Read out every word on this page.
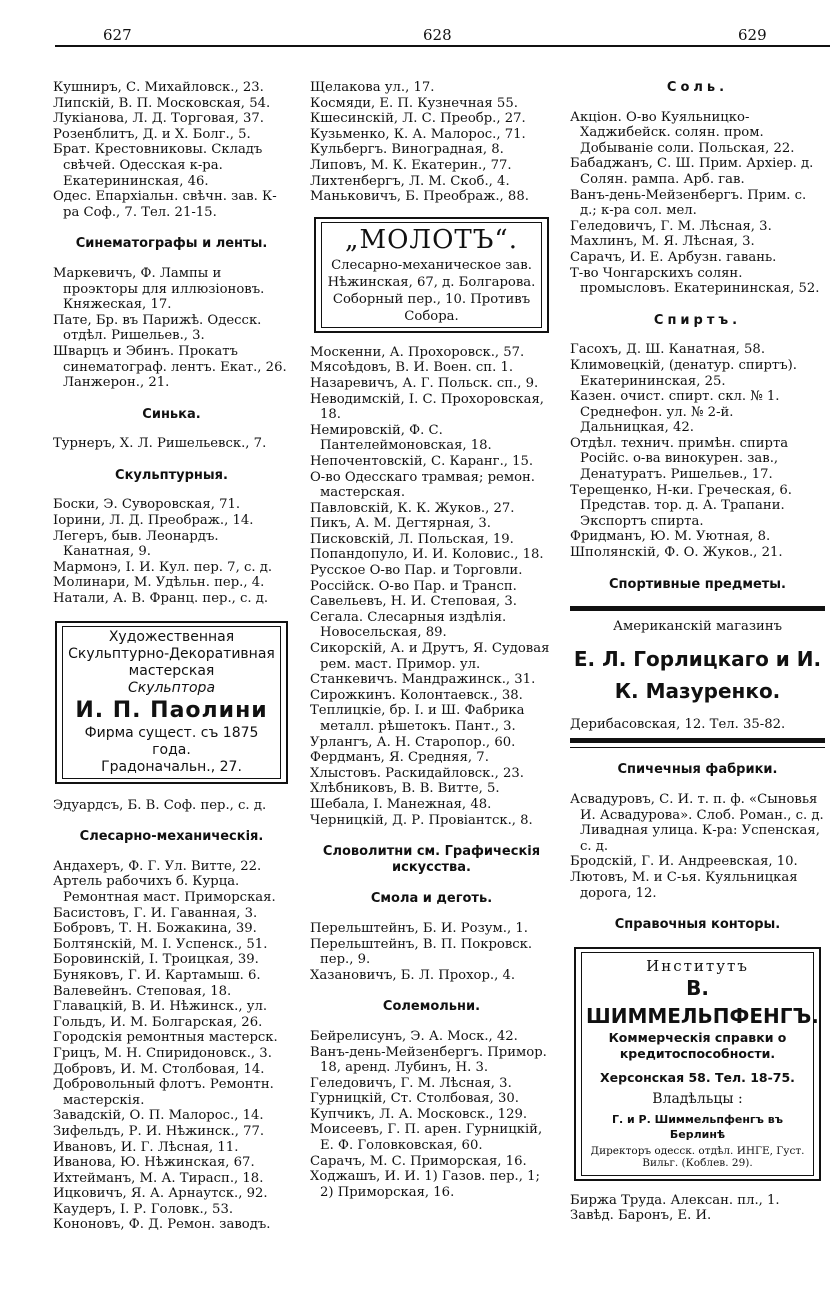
627	628	629
Кушниръ, С. Михайловск., 23.
Липскій, В. П. Московская, 54.
Лукіанова, Л. Д. Торговая, 37.
Розенблитъ, Д. и Х. Болг., 5.
Брат. Крестовниковы. Складъ свѣчей. Одесская к-ра. Екатерининская, 46.
Одес. Епархіальн. свѣчн. зав. К-ра Соф., 7. Тел. 21-15.
Синематографы и ленты.
Маркевичъ, Ф. Лампы и проэкторы для иллюзіоновъ. Княжеская, 17.
Пате, Бр. въ Парижѣ. Одесск. отдѣл. Ришельев., 3.
Шварцъ и Эбинъ. Прокатъ синематограф. лентъ. Екат., 26. Ланжерон., 21.
Синька.
Турнеръ, Х. Л. Ришельевск., 7.
Скульптурныя.
Боски, Э. Суворовская, 71.
Іорини, Л. Д. Преображ., 14.
Легеръ, быв. Леонардъ. Канатная, 9.
Мармонэ, І. И. Кул. пер. 7, с. д.
Молинари, М. Удѣльн. пер., 4.
Натали, А. В. Франц. пер., с. д.
Художественная Скульптурно-Декоративная мастерская
Скульптора
И. П. Паолини
Фирма сущест. съ 1875 года.
Градоначальн., 27.
Эдуардсъ, Б. В. Соф. пер., с. д.
Слесарно-механическія.
Андахеръ, Ф. Г. Ул. Витте, 22.
Артель рабочихъ б. Курца. Ремонтная маст. Приморская.
Басистовъ, Г. И. Гаванная, 3.
Бобровъ, Т. Н. Божакина, 39.
Болтянскій, М. І. Успенск., 51.
Боровинскій, І. Троицкая, 39.
Буняковъ, Г. И. Картамыш. 6.
Валевейнъ. Степовая, 18.
Главацкій, В. И. Нѣжинск., ул.
Гольдъ, И. М. Болгарская, 26.
Городскія ремонтныя мастерск.
Грицъ, М. Н. Спиридоновск., 3.
Добровъ, И. М. Столбовая, 14.
Добровольный флотъ. Ремонтн. мастерскія.
Завадскій, О. П. Малорос., 14.
Зифельдъ, Р. И. Нѣжинск., 77.
Ивановъ, И. Г. Лѣсная, 11.
Иванова, Ю. Нѣжинская, 67.
Ихтейманъ, М. А. Тирасп., 18.
Ицковичъ, Я. А. Арнаутск., 92.
Каудеръ, І. Р. Головк., 53.
Кононовъ, Ф. Д. Ремон. заводъ.
Щелакова ул., 17.
Космяди, Е. П. Кузнечная 55.
Кшесинскій, Л. С. Преобр., 27.
Кузьменко, К. А. Малорос., 71.
Кульбергъ. Виноградная, 8.
Липовъ, М. К. Екатерин., 77.
Лихтенбергъ, Л. М. Скоб., 4.
Маньковичъ, Б. Преображ., 88.
„МОЛОТЪ“.
Слесарно-механическое зав.
Нѣжинская, 67, д. Болгарова.
Соборный пер., 10. Противъ Собора.
Москенни, А. Прохоровск., 57.
Мясоѣдовъ, В. И. Воен. сп. 1.
Назаревичъ, А. Г. Польск. сп., 9.
Неводимскій, І. С. Прохоровская, 18.
Немировскій, Ф. С. Пантелеймоновская, 18.
Непочентовскій, С. Каранг., 15.
О-во Одесскаго трамвая; ремон. мастерская.
Павловскій, К. К. Жуков., 27.
Пикъ, А. М. Дегтярная, 3.
Писковскій, Л. Польская, 19.
Попандопуло, И. И. Коловис., 18.
Русское О-во Пар. и Торговли.
Россійск. О-во Пар. и Трансп.
Савельевъ, Н. И. Степовая, 3.
Сегала. Слесарныя издѣлія. Новосельская, 89.
Сикорскій, А. и Друтъ, Я. Судовая рем. маст. Примор. ул.
Станкевичъ. Мандражинск., 31.
Сирожкинъ. Колонтаевск., 38.
Теплицкіе, бр. І. и Ш. Фабрика металл. рѣшетокъ. Пант., 3.
Урлангъ, А. Н. Старопор., 60.
Фердманъ, Я. Средняя, 7.
Хлыстовъ. Раскидайловск., 23.
Хлѣбниковъ, В. В. Витте, 5.
Шебала, І. Манежная, 48.
Черницкій, Д. Р. Провіантск., 8.
Словолитни см. Графическія искусства.
Смола и деготь.
Перельштейнъ, Б. И. Розум., 1.
Перельштейнъ, В. П. Покровск. пер., 9.
Хазановичъ, Б. Л. Прохор., 4.
Солемольни.
Бейрелисунъ, Э. А. Моск., 42.
Ванъ-день-Мейзенбергъ. Примор. 18, аренд. Лубинъ, Н. 3.
Геледовичъ, Г. М. Лѣсная, 3.
Гурницкій, Ст. Столбовая, 30.
Купчикъ, Л. А. Московск., 129.
Моисеевъ, Г. П. арен. Гурницкій, Е. Ф. Головковская, 60.
Сарачъ, М. С. Приморская, 16.
Ходжашъ, И. И. 1) Газов. пер., 1; 2) Приморская, 16.
Соль.
Акціон. О-во Куяльницко-Хаджибейск. солян. пром. Добываніе соли. Польская, 22.
Бабаджанъ, С. Ш. Прим. Архіер. д. Солян. рампа. Арб. гав.
Ванъ-день-Мейзенбергъ. Прим. с. д.; к-ра сол. мел.
Геледовичъ, Г. М. Лѣсная, 3.
Махлинъ, М. Я. Лѣсная, 3.
Сарачъ, И. Е. Арбузн. гавань.
Т-во Чонгарскихъ солян. промысловъ. Екатерининская, 52.
Спиртъ.
Гасохъ, Д. Ш. Канатная, 58.
Климовецкій, (денатур. спиртъ). Екатерининская, 25.
Казен. очист. спирт. скл. № 1. Среднефон. ул. № 2-й. Дальницкая, 42.
Отдѣл. технич. примѣн. спирта Російс. о-ва винокурен. зав., Денатуратъ. Ришельев., 17.
Терещенко, Н-ки. Греческая, 6. Представ. тор. д. А. Трапани. Экспортъ спирта.
Фридманъ, Ю. М. Уютная, 8.
Шполянскій, Ф. О. Жуков., 21.
Спортивные предметы.
Американскій магазинъ
Е. Л. Горлицкаго и И. К. Мазуренко.
Дерибасовская, 12. Тел. 35-82.
Спичечныя фабрики.
Асвадуровъ, С. И. т. п. ф. «Сыновья И. Асвадурова». Слоб. Роман., с. д. Ливадная улица. К-ра: Успенская, с. д.
Бродскій, Г. И. Андреевская, 10.
Лютовъ, М. и С-ья. Куяльницкая дорога, 12.
Справочныя конторы.
Институтъ
В. ШИММЕЛЬПФЕНГЪ.
Коммерческія справки о кредитоспособности.
Херсонская 58. Тел. 18-75.
Владѣльцы :
Г. и Р. Шиммельпфенгъ въ Берлинѣ
Директоръ одесск. отдѣл. ИНГЕ, Густ. Вильг. (Коблев. 29).
Биржа Труда. Алексан. пл., 1.
Завѣд. Баронъ, Е. И.
